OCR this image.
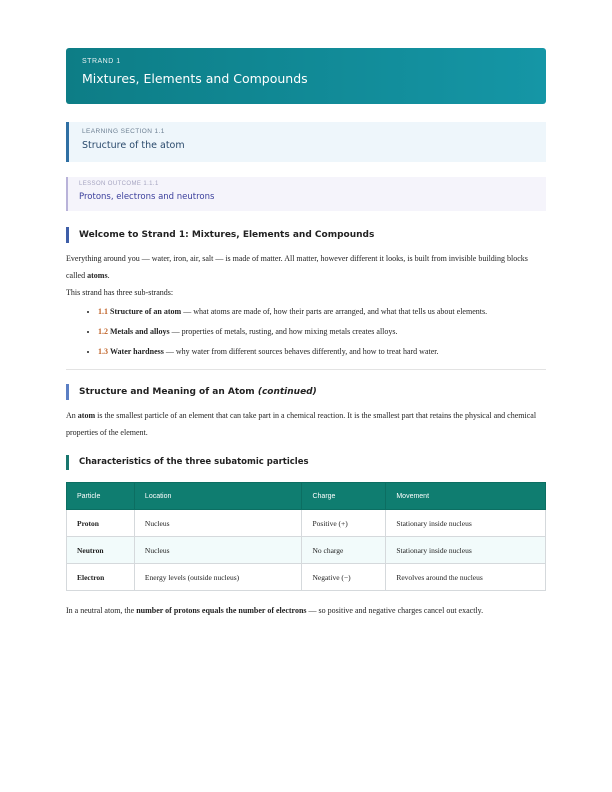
STRAND 1
Mixtures, Elements and Compounds
LEARNING SECTION 1.1
Structure of the atom
LESSON OUTCOME 1.1.1
Protons, electrons and neutrons
Welcome to Strand 1: Mixtures, Elements and Compounds

Everything around you — water, iron, air, salt — is made of matter. All matter, however different it looks, is built from invisible building blocks called atoms.

This strand has three sub-strands:

• 1.1 Structure of an atom — what atoms are made of, how their parts are arranged, and what that tells us about elements.
• 1.2 Metals and alloys — properties of metals, rusting, and how mixing metals creates alloys.
• 1.3 Water hardness — why water from different sources behaves differently, and how to treat hard water.
Structure and Meaning of an Atom (continued)

An atom is the smallest particle of an element that can take part in a chemical reaction. It is the smallest part that retains the physical and chemical properties of the element.

Characteristics of the three subatomic particles
Particle	Location	Charge	Movement
Proton	Nucleus	Positive (+)	Stationary inside nucleus
Neutron	Nucleus	No charge	Stationary inside nucleus
Electron	Energy levels (outside nucleus)	Negative (−)	Revolves around the nucleus

In a neutral atom, the number of protons equals the number of electrons — so positive and negative charges cancel out exactly.
